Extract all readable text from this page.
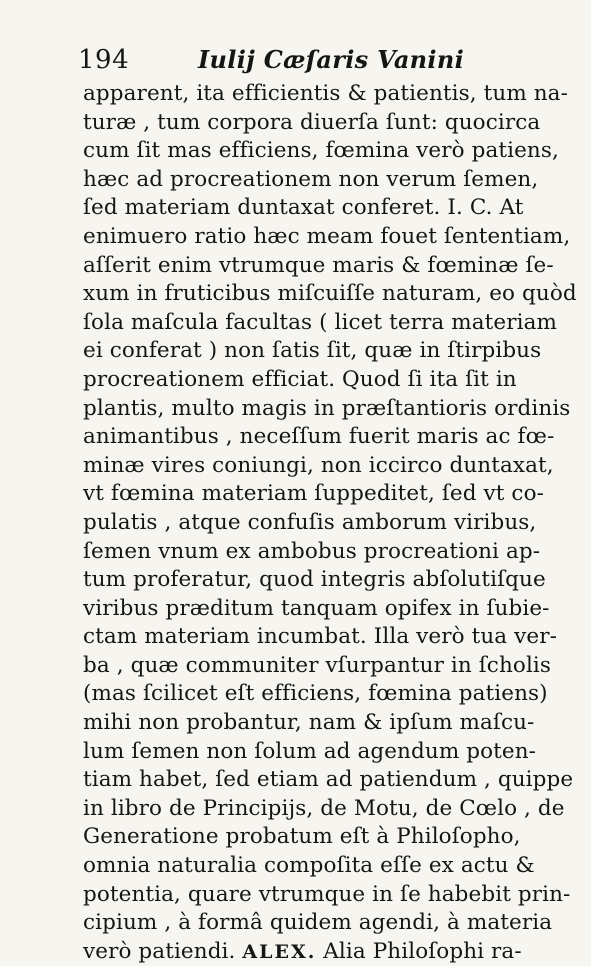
194	Iulij Cæſaris Vanini
apparent, ita efficientis & patientis, tum na-
turæ , tum corpora diuerſa ſunt: quocirca
cum ſit mas efficiens, fœmina verò patiens,
hæc ad procreationem non verum ſemen,
ſed materiam duntaxat conferet. I. C. At
enimuero ratio hæc meam fouet ſententiam,
aſſerit enim vtrumque maris & fœminæ ſe-
xum in fruticibus miſcuiſſe naturam, eo quòd
ſola maſcula facultas ( licet terra materiam
ei conferat ) non ſatis ſit, quæ in ſtirpibus
procreationem efficiat. Quod ſi ita ſit in
plantis, multo magis in præſtantioris ordinis
animantibus , neceſſum fuerit maris ac fœ-
minæ vires coniungi, non iccirco duntaxat,
vt fœmina materiam ſuppeditet, ſed vt co-
pulatis , atque confuſis amborum viribus,
ſemen vnum ex ambobus procreationi ap-
tum proferatur, quod integris abſolutiſque
viribus præditum tanquam opifex in ſubie-
ctam materiam incumbat. Illa verò tua ver-
ba , quæ communiter vſurpantur in ſcholis
(mas ſcilicet eſt efficiens, fœmina patiens)
mihi non probantur, nam & ipſum maſcu-
lum ſemen non ſolum ad agendum poten-
tiam habet, ſed etiam ad patiendum , quippe
in libro de Principijs, de Motu, de Cœlo , de
Generatione probatum eſt à Philoſopho,
omnia naturalia compoſita eſſe ex actu &
potentia, quare vtrumque in ſe habebit prin-
cipium , à formâ quidem agendi, à materia
verò patiendi. ALEX. Alia Philoſophi ra-
